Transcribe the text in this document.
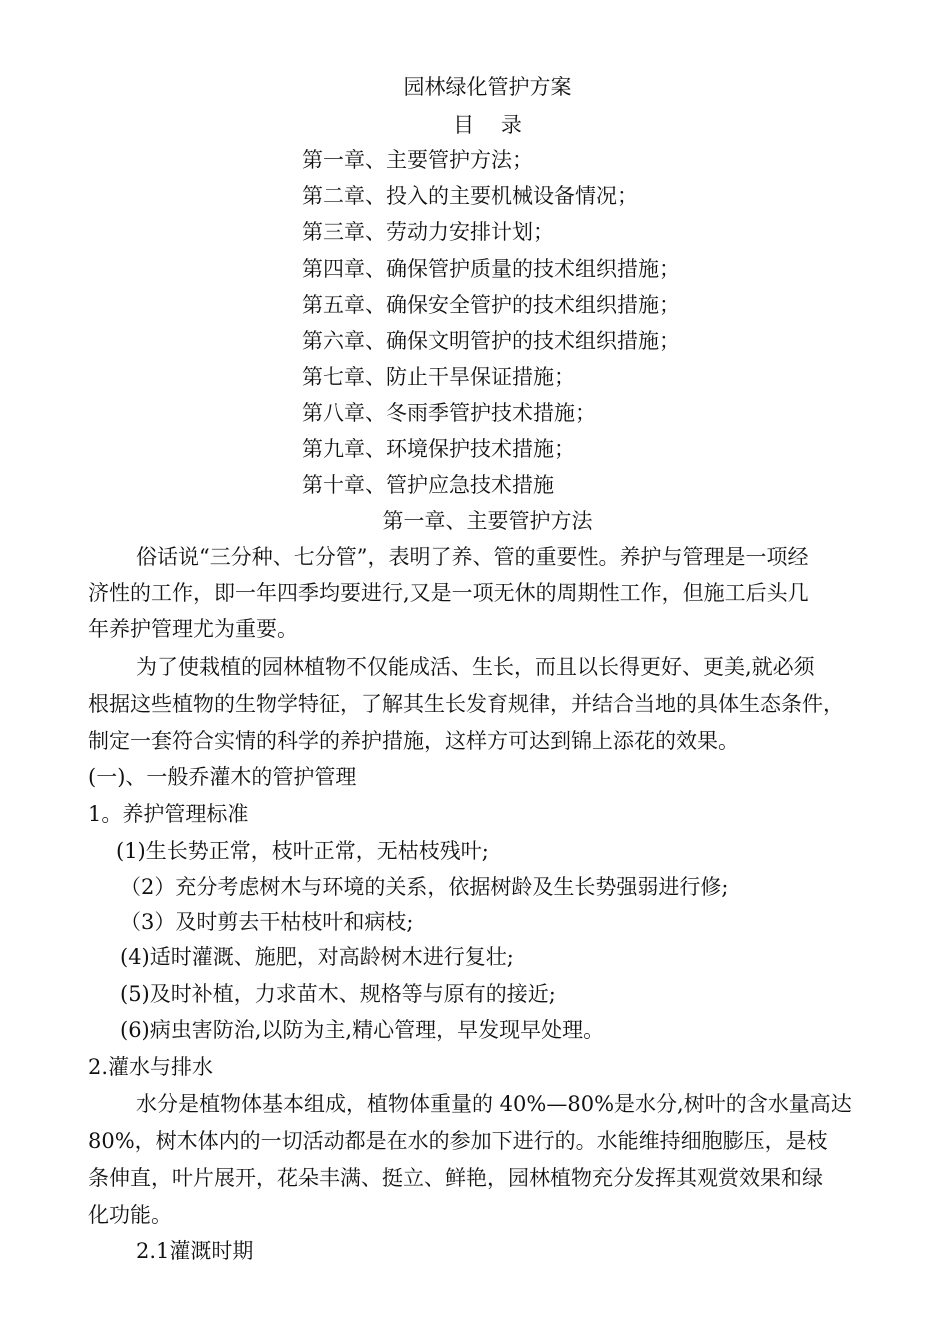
园林绿化管护方案
目    录
第一章、主要管护方法；
第二章、投入的主要机械设备情况；
第三章、劳动力安排计划；
第四章、确保管护质量的技术组织措施；
第五章、确保安全管护的技术组织措施；
第六章、确保文明管护的技术组织措施；
第七章、防止干旱保证措施；
第八章、冬雨季管护技术措施；
第九章、环境保护技术措施；
第十章、管护应急技术措施
第一章、主要管护方法
俗话说“三分种、七分管”，表明了养、管的重要性。养护与管理是一项经
济性的工作，即一年四季均要进行,又是一项无休的周期性工作，但施工后头几
年养护管理尤为重要。
为了使栽植的园林植物不仅能成活、生长，而且以长得更好、更美,就必须
根据这些植物的生物学特征，了解其生长发育规律，并结合当地的具体生态条件，
制定一套符合实情的科学的养护措施，这样方可达到锦上添花的效果。
(一)、一般乔灌木的管护管理
1。养护管理标准
(1)生长势正常，枝叶正常，无枯枝残叶;
（2）充分考虑树木与环境的关系，依据树龄及生长势强弱进行修;
（3）及时剪去干枯枝叶和病枝;
(4)适时灌溉、施肥，对高龄树木进行复壮;
(5)及时补植，力求苗木、规格等与原有的接近;
(6)病虫害防治,以防为主,精心管理，早发现早处理。
2.灌水与排水
水分是植物体基本组成，植物体重量的 40%—80%是水分,树叶的含水量高达
80%，树木体内的一切活动都是在水的参加下进行的。水能维持细胞膨压，是枝
条伸直，叶片展开，花朵丰满、挺立、鲜艳，园林植物充分发挥其观赏效果和绿
化功能。
2.1灌溉时期
